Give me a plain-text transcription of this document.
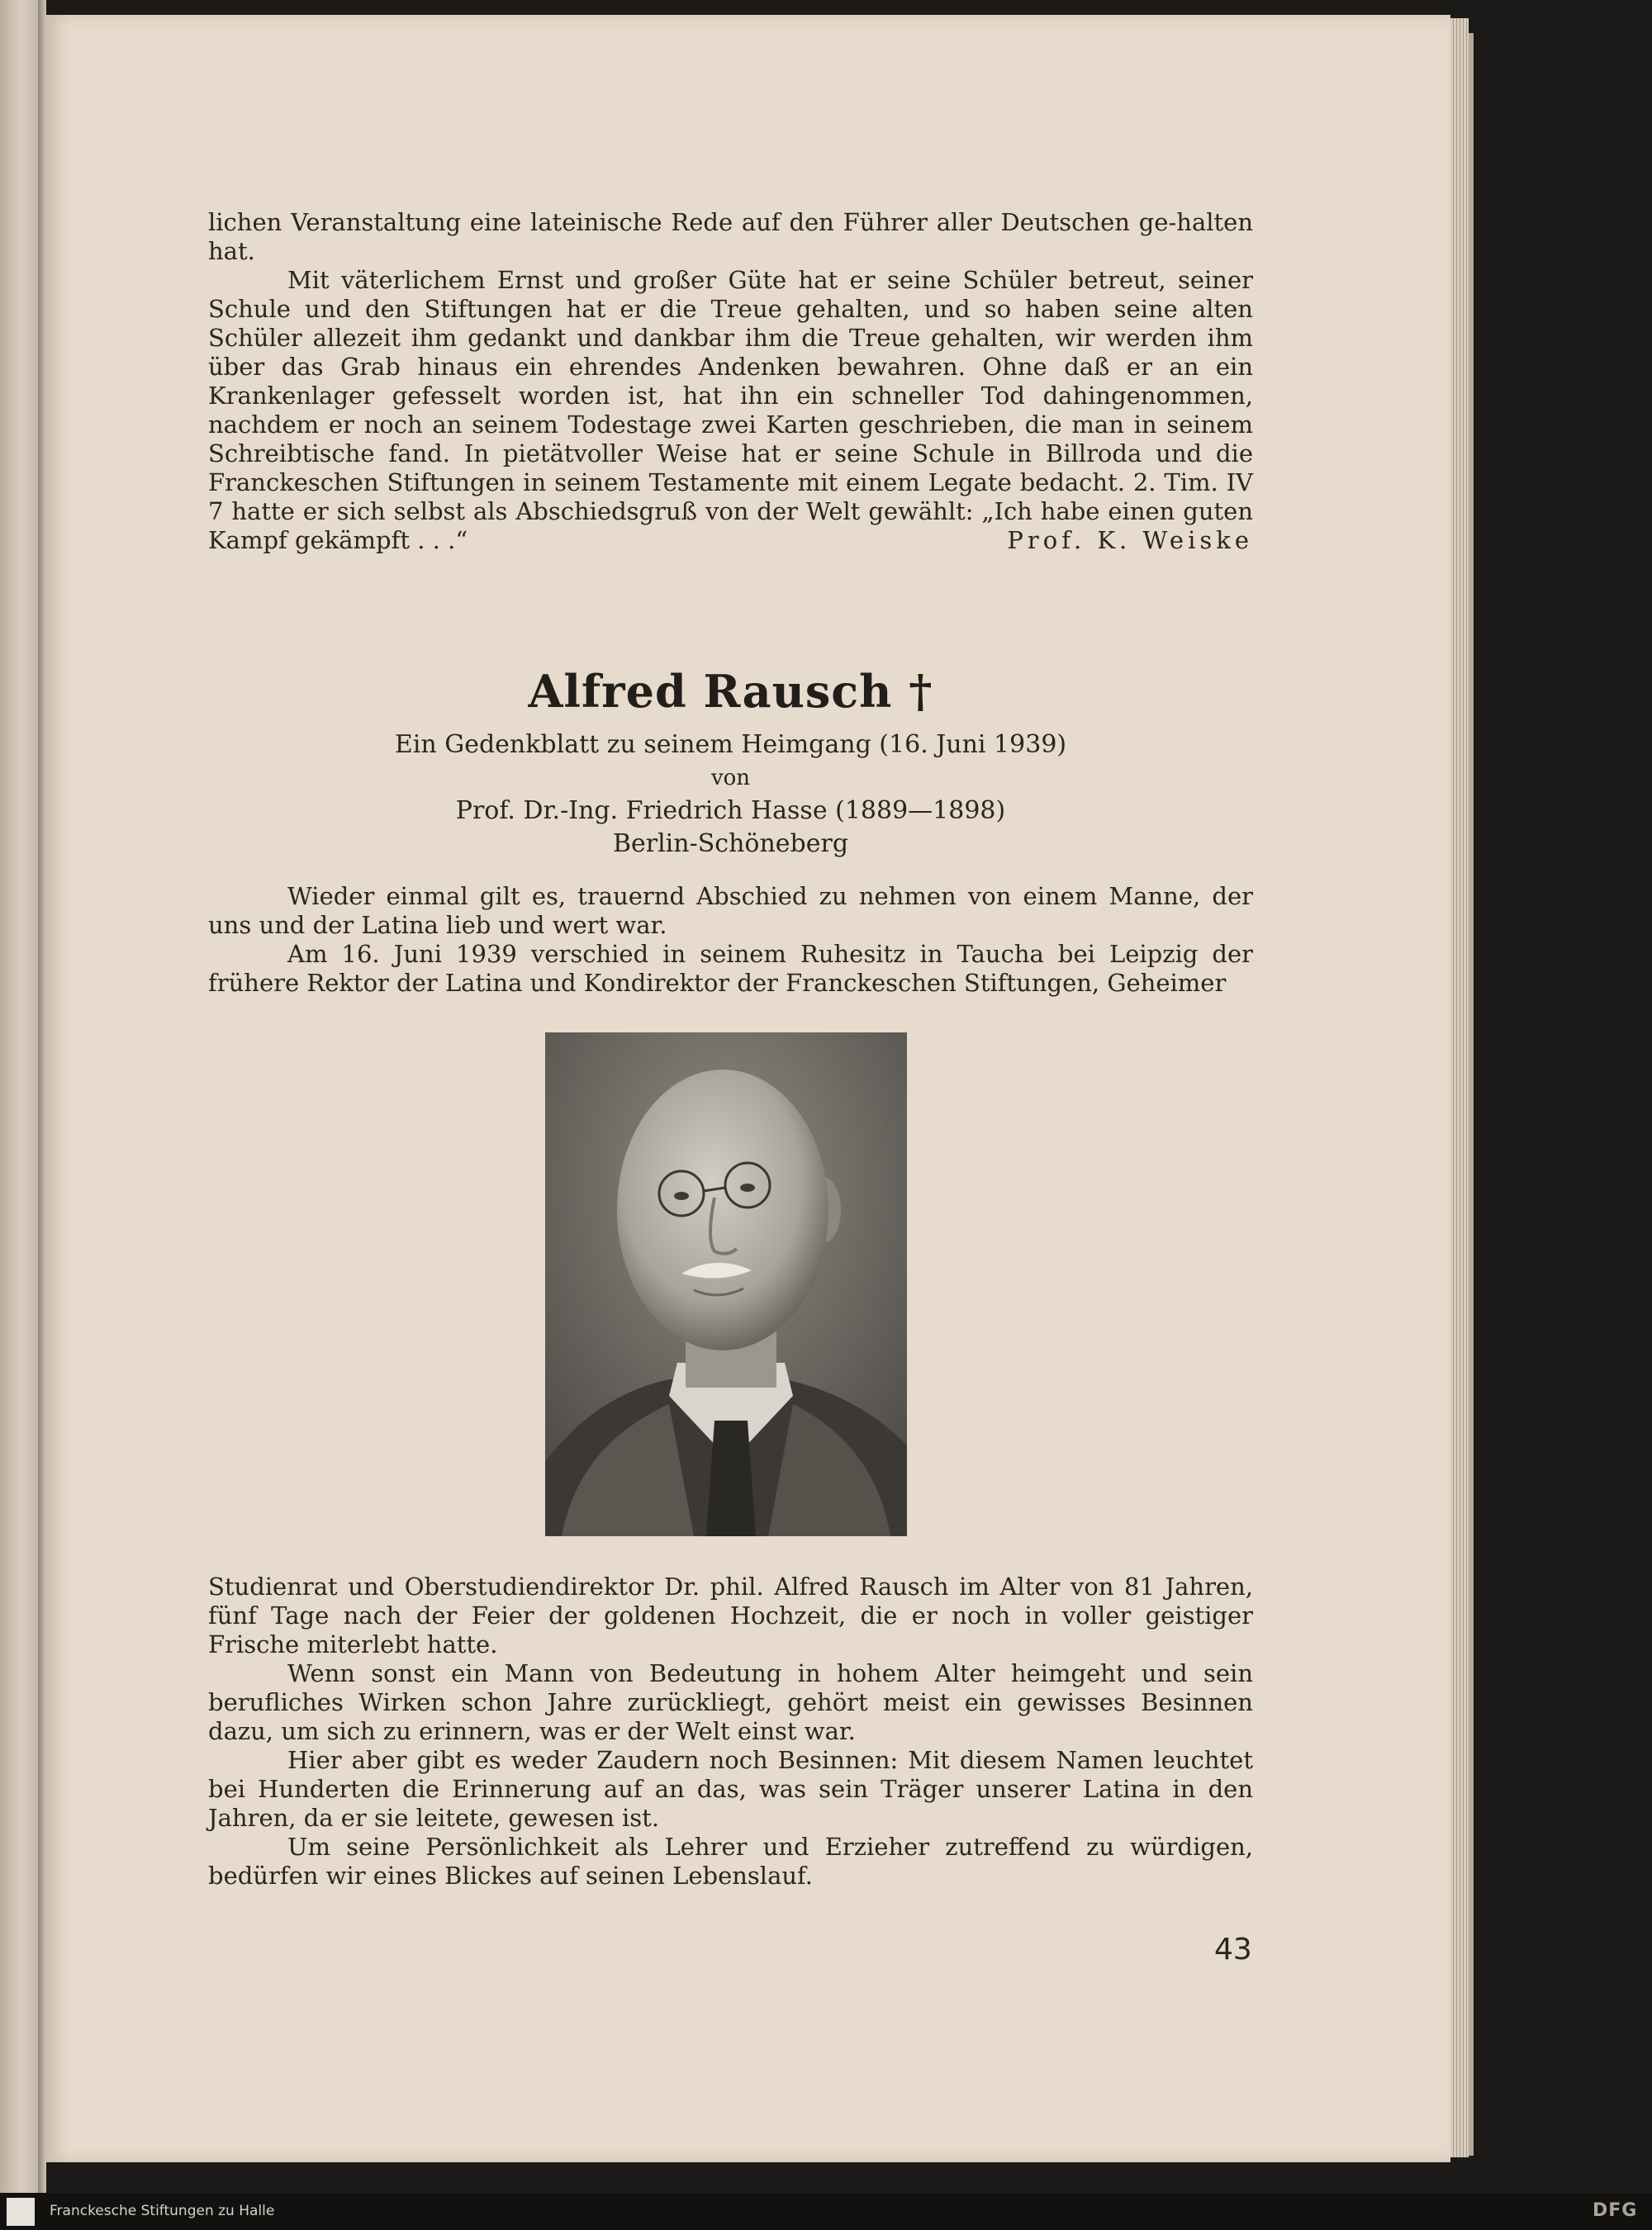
lichen Veranstaltung eine lateinische Rede auf den Führer aller Deutschen ge-halten hat.

Mit väterlichem Ernst und großer Güte hat er seine Schüler betreut, seiner Schule und den Stiftungen hat er die Treue gehalten, und so haben seine alten Schüler allezeit ihm gedankt und dankbar ihm die Treue gehalten, wir werden ihm über das Grab hinaus ein ehrendes Andenken bewahren. Ohne daß er an ein Krankenlager gefesselt worden ist, hat ihn ein schneller Tod dahingenommen, nachdem er noch an seinem Todestage zwei Karten geschrieben, die man in seinem Schreibtische fand. In pietätvoller Weise hat er seine Schule in Billroda und die Franckeschen Stiftungen in seinem Testamente mit einem Legate bedacht. 2. Tim. IV 7 hatte er sich selbst als Abschiedsgruß von der Welt gewählt: „Ich habe einen guten Kampf gekämpft . . .“	Prof. K. Weiske

Alfred Rausch †

Ein Gedenkblatt zu seinem Heimgang (16. Juni 1939)

von

Prof. Dr.-Ing. Friedrich Hasse (1889—1898)

Berlin-Schöneberg

Wieder einmal gilt es, trauernd Abschied zu nehmen von einem Manne, der uns und der Latina lieb und wert war.

Am 16. Juni 1939 verschied in seinem Ruhesitz in Taucha bei Leipzig der frühere Rektor der Latina und Kondirektor der Franckeschen Stiftungen, Geheimer

Studienrat und Oberstudiendirektor Dr. phil. Alfred Rausch im Alter von 81 Jahren, fünf Tage nach der Feier der goldenen Hochzeit, die er noch in voller geistiger Frische miterlebt hatte.

Wenn sonst ein Mann von Bedeutung in hohem Alter heimgeht und sein berufliches Wirken schon Jahre zurückliegt, gehört meist ein gewisses Besinnen dazu, um sich zu erinnern, was er der Welt einst war.

Hier aber gibt es weder Zaudern noch Besinnen: Mit diesem Namen leuchtet bei Hunderten die Erinnerung auf an das, was sein Träger unserer Latina in den Jahren, da er sie leitete, gewesen ist.

Um seine Persönlichkeit als Lehrer und Erzieher zutreffend zu würdigen, bedürfen wir eines Blickes auf seinen Lebenslauf.

43
Franckesche Stiftungen zu Halle	DFG
